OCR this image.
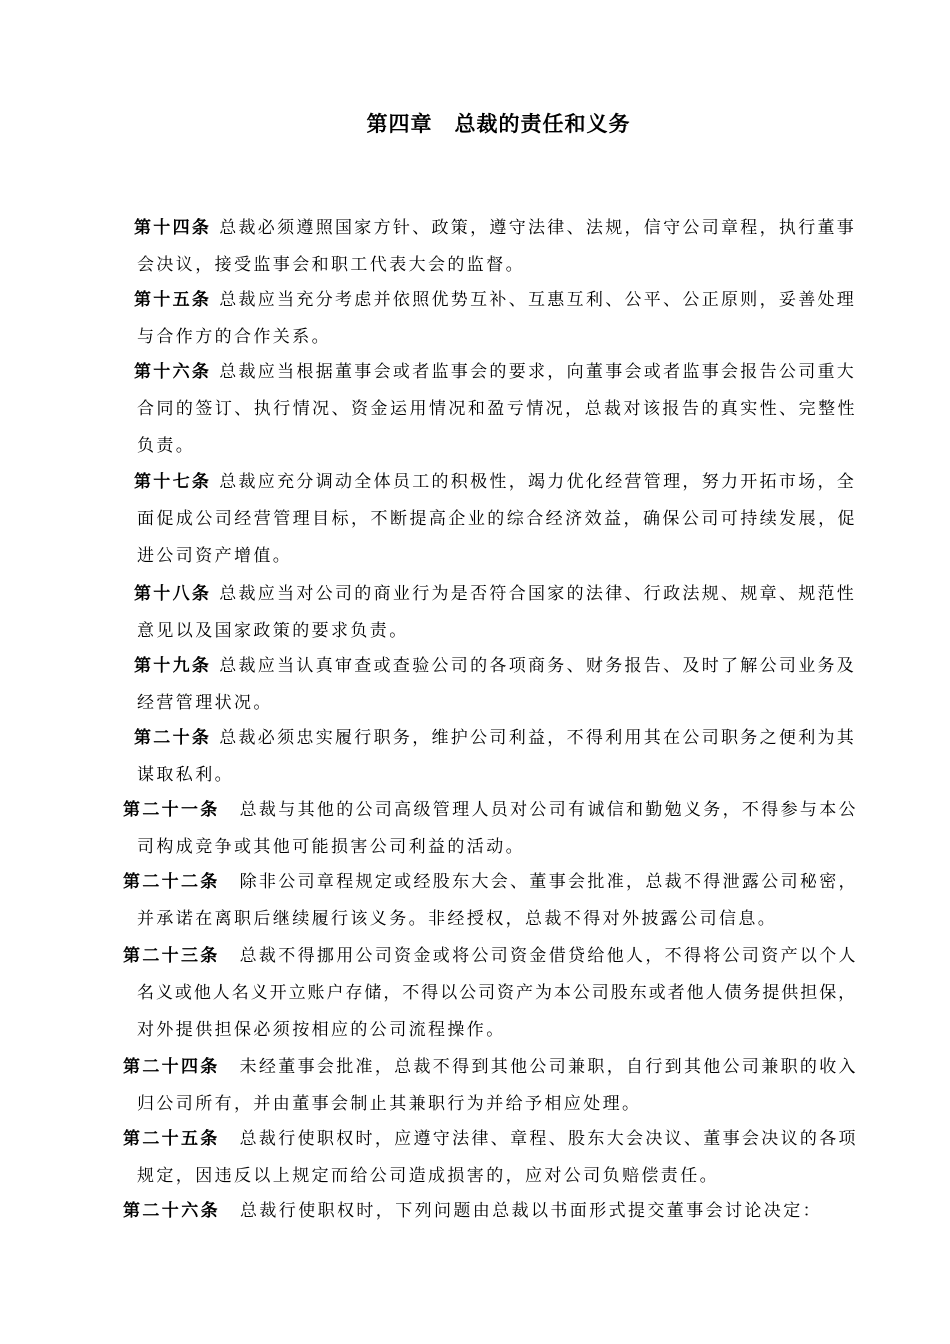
第四章　总裁的责任和义务
第十四条 总裁必须遵照国家方针、政策，遵守法律、法规，信守公司章程，执行董事
会决议，接受监事会和职工代表大会的监督。
第十五条 总裁应当充分考虑并依照优势互补、互惠互利、公平、公正原则，妥善处理
与合作方的合作关系。
第十六条 总裁应当根据董事会或者监事会的要求，向董事会或者监事会报告公司重大
合同的签订、执行情况、资金运用情况和盈亏情况，总裁对该报告的真实性、完整性
负责。
第十七条 总裁应充分调动全体员工的积极性，竭力优化经营管理，努力开拓市场，全
面促成公司经营管理目标，不断提高企业的综合经济效益，确保公司可持续发展，促
进公司资产增值。
第十八条 总裁应当对公司的商业行为是否符合国家的法律、行政法规、规章、规范性
意见以及国家政策的要求负责。
第十九条 总裁应当认真审查或查验公司的各项商务、财务报告、及时了解公司业务及
经营管理状况。
第二十条 总裁必须忠实履行职务，维护公司利益，不得利用其在公司职务之便利为其
谋取私利。
第二十一条 总裁与其他的公司高级管理人员对公司有诚信和勤勉义务，不得参与本公
司构成竞争或其他可能损害公司利益的活动。
第二十二条 除非公司章程规定或经股东大会、董事会批准，总裁不得泄露公司秘密，
并承诺在离职后继续履行该义务。非经授权，总裁不得对外披露公司信息。
第二十三条 总裁不得挪用公司资金或将公司资金借贷给他人，不得将公司资产以个人
名义或他人名义开立账户存储，不得以公司资产为本公司股东或者他人债务提供担保，
对外提供担保必须按相应的公司流程操作。
第二十四条 未经董事会批准，总裁不得到其他公司兼职，自行到其他公司兼职的收入
归公司所有，并由董事会制止其兼职行为并给予相应处理。
第二十五条 总裁行使职权时，应遵守法律、章程、股东大会决议、董事会决议的各项
规定，因违反以上规定而给公司造成损害的，应对公司负赔偿责任。
第二十六条 总裁行使职权时，下列问题由总裁以书面形式提交董事会讨论决定：
